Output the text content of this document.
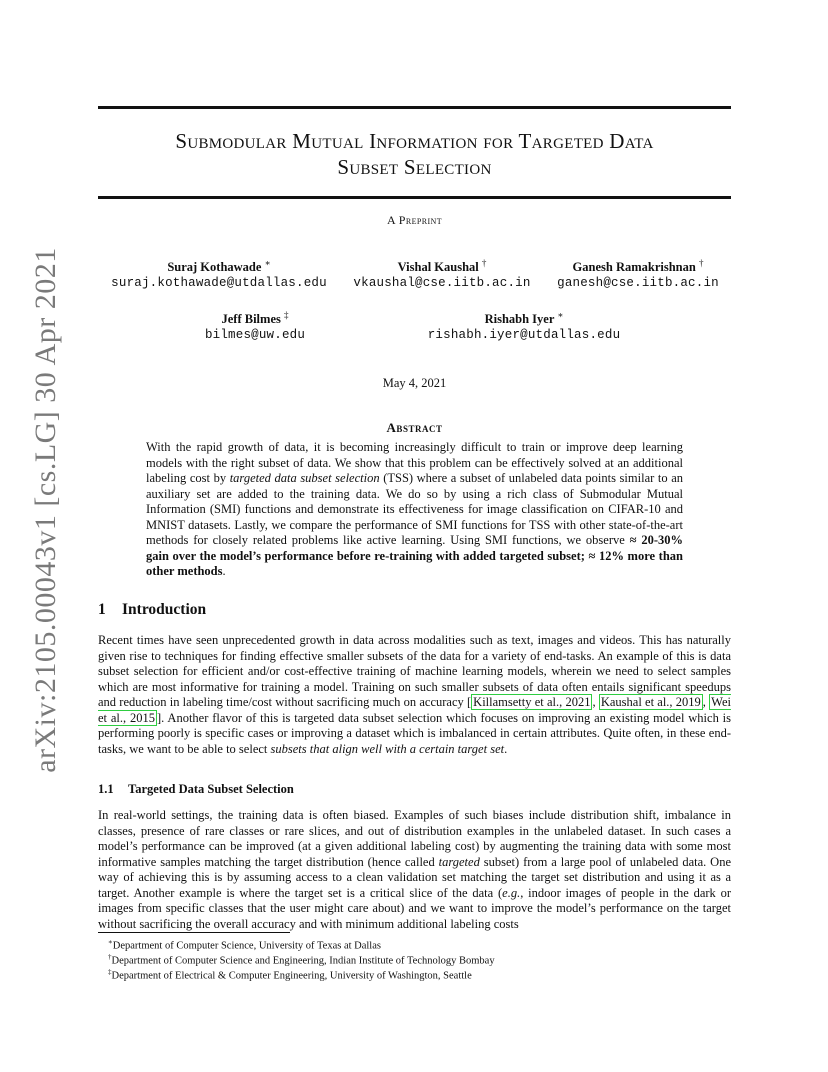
arXiv:2105.00043v1 [cs.LG] 30 Apr 2021
Submodular Mutual Information for Targeted Data
Subset Selection
A Preprint
Suraj Kothawade ∗
suraj.kothawade@utdallas.edu
Vishal Kaushal †
vkaushal@cse.iitb.ac.in
Ganesh Ramakrishnan †
ganesh@cse.iitb.ac.in
Jeff Bilmes ‡
bilmes@uw.edu
Rishabh Iyer ∗
rishabh.iyer@utdallas.edu
May 4, 2021
Abstract
With the rapid growth of data, it is becoming increasingly difficult to train or improve deep learning models with the right subset of data. We show that this problem can be effectively solved at an additional labeling cost by targeted data subset selection (TSS) where a subset of unlabeled data points similar to an auxiliary set are added to the training data. We do so by using a rich class of Submodular Mutual Information (SMI) functions and demonstrate its effectiveness for image classification on CIFAR-10 and MNIST datasets. Lastly, we compare the performance of SMI functions for TSS with other state-of-the-art methods for closely related problems like active learning. Using SMI functions, we observe ≈ 20-30% gain over the model’s performance before re-training with added targeted subset; ≈ 12% more than other methods.
1 Introduction
Recent times have seen unprecedented growth in data across modalities such as text, images and videos. This has naturally given rise to techniques for finding effective smaller subsets of the data for a variety of end-tasks. An example of this is data subset selection for efficient and/or cost-effective training of machine learning models, wherein we need to select samples which are most informative for training a model. Training on such smaller subsets of data often entails significant speedups and reduction in labeling time/cost without sacrificing much on accuracy [ Killamsetty et al., 2021 , Kaushal et al., 2019 , Wei et al., 2015 ]. Another flavor of this is targeted data subset selection which focuses on improving an existing model which is performing poorly is specific cases or improving a dataset which is imbalanced in certain attributes. Quite often, in these end-tasks, we want to be able to select subsets that align well with a certain target set.
1.1 Targeted Data Subset Selection
In real-world settings, the training data is often biased. Examples of such biases include distribution shift, imbalance in classes, presence of rare classes or rare slices, and out of distribution examples in the unlabeled dataset. In such cases a model’s performance can be improved (at a given additional labeling cost) by augmenting the training data with some most informative samples matching the target distribution (hence called targeted subset) from a large pool of unlabeled data. One way of achieving this is by assuming access to a clean validation set matching the target set distribution and using it as a target. Another example is where the target set is a critical slice of the data (e.g., indoor images of people in the dark or images from specific classes that the user might care about) and we want to improve the model’s performance on the target without sacrificing the overall accuracy and with minimum additional labeling costs
∗Department of Computer Science, University of Texas at Dallas
†Department of Computer Science and Engineering, Indian Institute of Technology Bombay
‡Department of Electrical & Computer Engineering, University of Washington, Seattle
